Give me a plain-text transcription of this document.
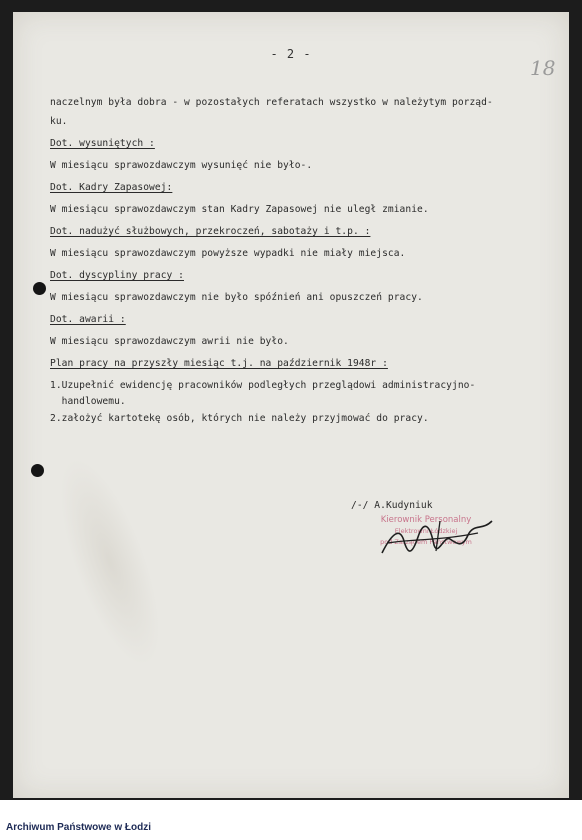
- 2 -
18

naczelnym była dobra - w pozostałych referatach wszystko w należytym porząd-

ku.

Dot. wysuniętych :

W miesiącu sprawozdawczym wysunięć nie było-.

Dot. Kadry Zapasowej:

W miesiącu sprawozdawczym stan Kadry Zapasowej nie uległ zmianie.

Dot. nadużyć służbowych, przekroczeń, sabotaży i t.p. :

W miesiącu sprawozdawczym powyższe wypadki nie miały miejsca.

Dot. dyscypliny pracy :

W miesiącu sprawozdawczym nie było spóźnień ani opuszczeń pracy.

Dot. awarii :

W miesiącu sprawozdawczym awrii nie było.

Plan pracy na przyszły miesiąc t.j. na październik 1948r :

1.Uzupełnić ewidencję pracowników podległych przeglądowi administracyjno-

handlowemu.

2.założyć kartotekę osób, których nie należy przyjmować do pracy.

/-/ A.Kudyniuk

Kierownik Personalny
Elektrowni Łódzkiej
pod Zarządem Państwowym
Archiwum Państwowe w Łodzi
